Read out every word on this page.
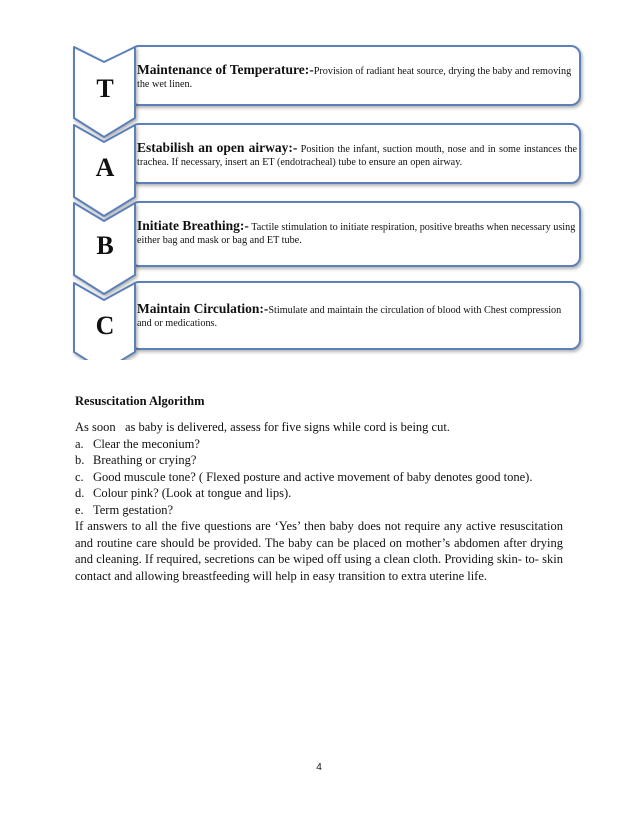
T
A
B
C
Maintenance of Temperature:-Provision of radiant heat source, drying the baby and removing the wet linen.
Estabilish an open airway:- Position the infant, suction mouth, nose and in some instances the trachea. If necessary, insert an ET (endotracheal) tube to ensure an open airway.
Initiate Breathing:- Tactile stimulation to initiate respiration, positive breaths when necessary using either bag and mask or bag and ET tube.
Maintain Circulation:-Stimulate and maintain the circulation of blood with Chest compression and or medications.
Resuscitation Algorithm

As soon   as baby is delivered, assess for five signs while cord is being cut.

a. Clear the meconium?
b. Breathing or crying?
c. Good muscule tone? ( Flexed posture and active movement of baby denotes good tone).
d. Colour pink? (Look at tongue and lips).
e. Term gestation?

If answers to all the five questions are ‘Yes’ then baby does not require any active resuscitation and routine care should be provided. The baby can be placed on mother’s abdomen after drying and cleaning. If required, secretions can be wiped off using a clean cloth. Providing skin- to- skin contact and allowing breastfeeding will help in easy transition to extra uterine life.

4
